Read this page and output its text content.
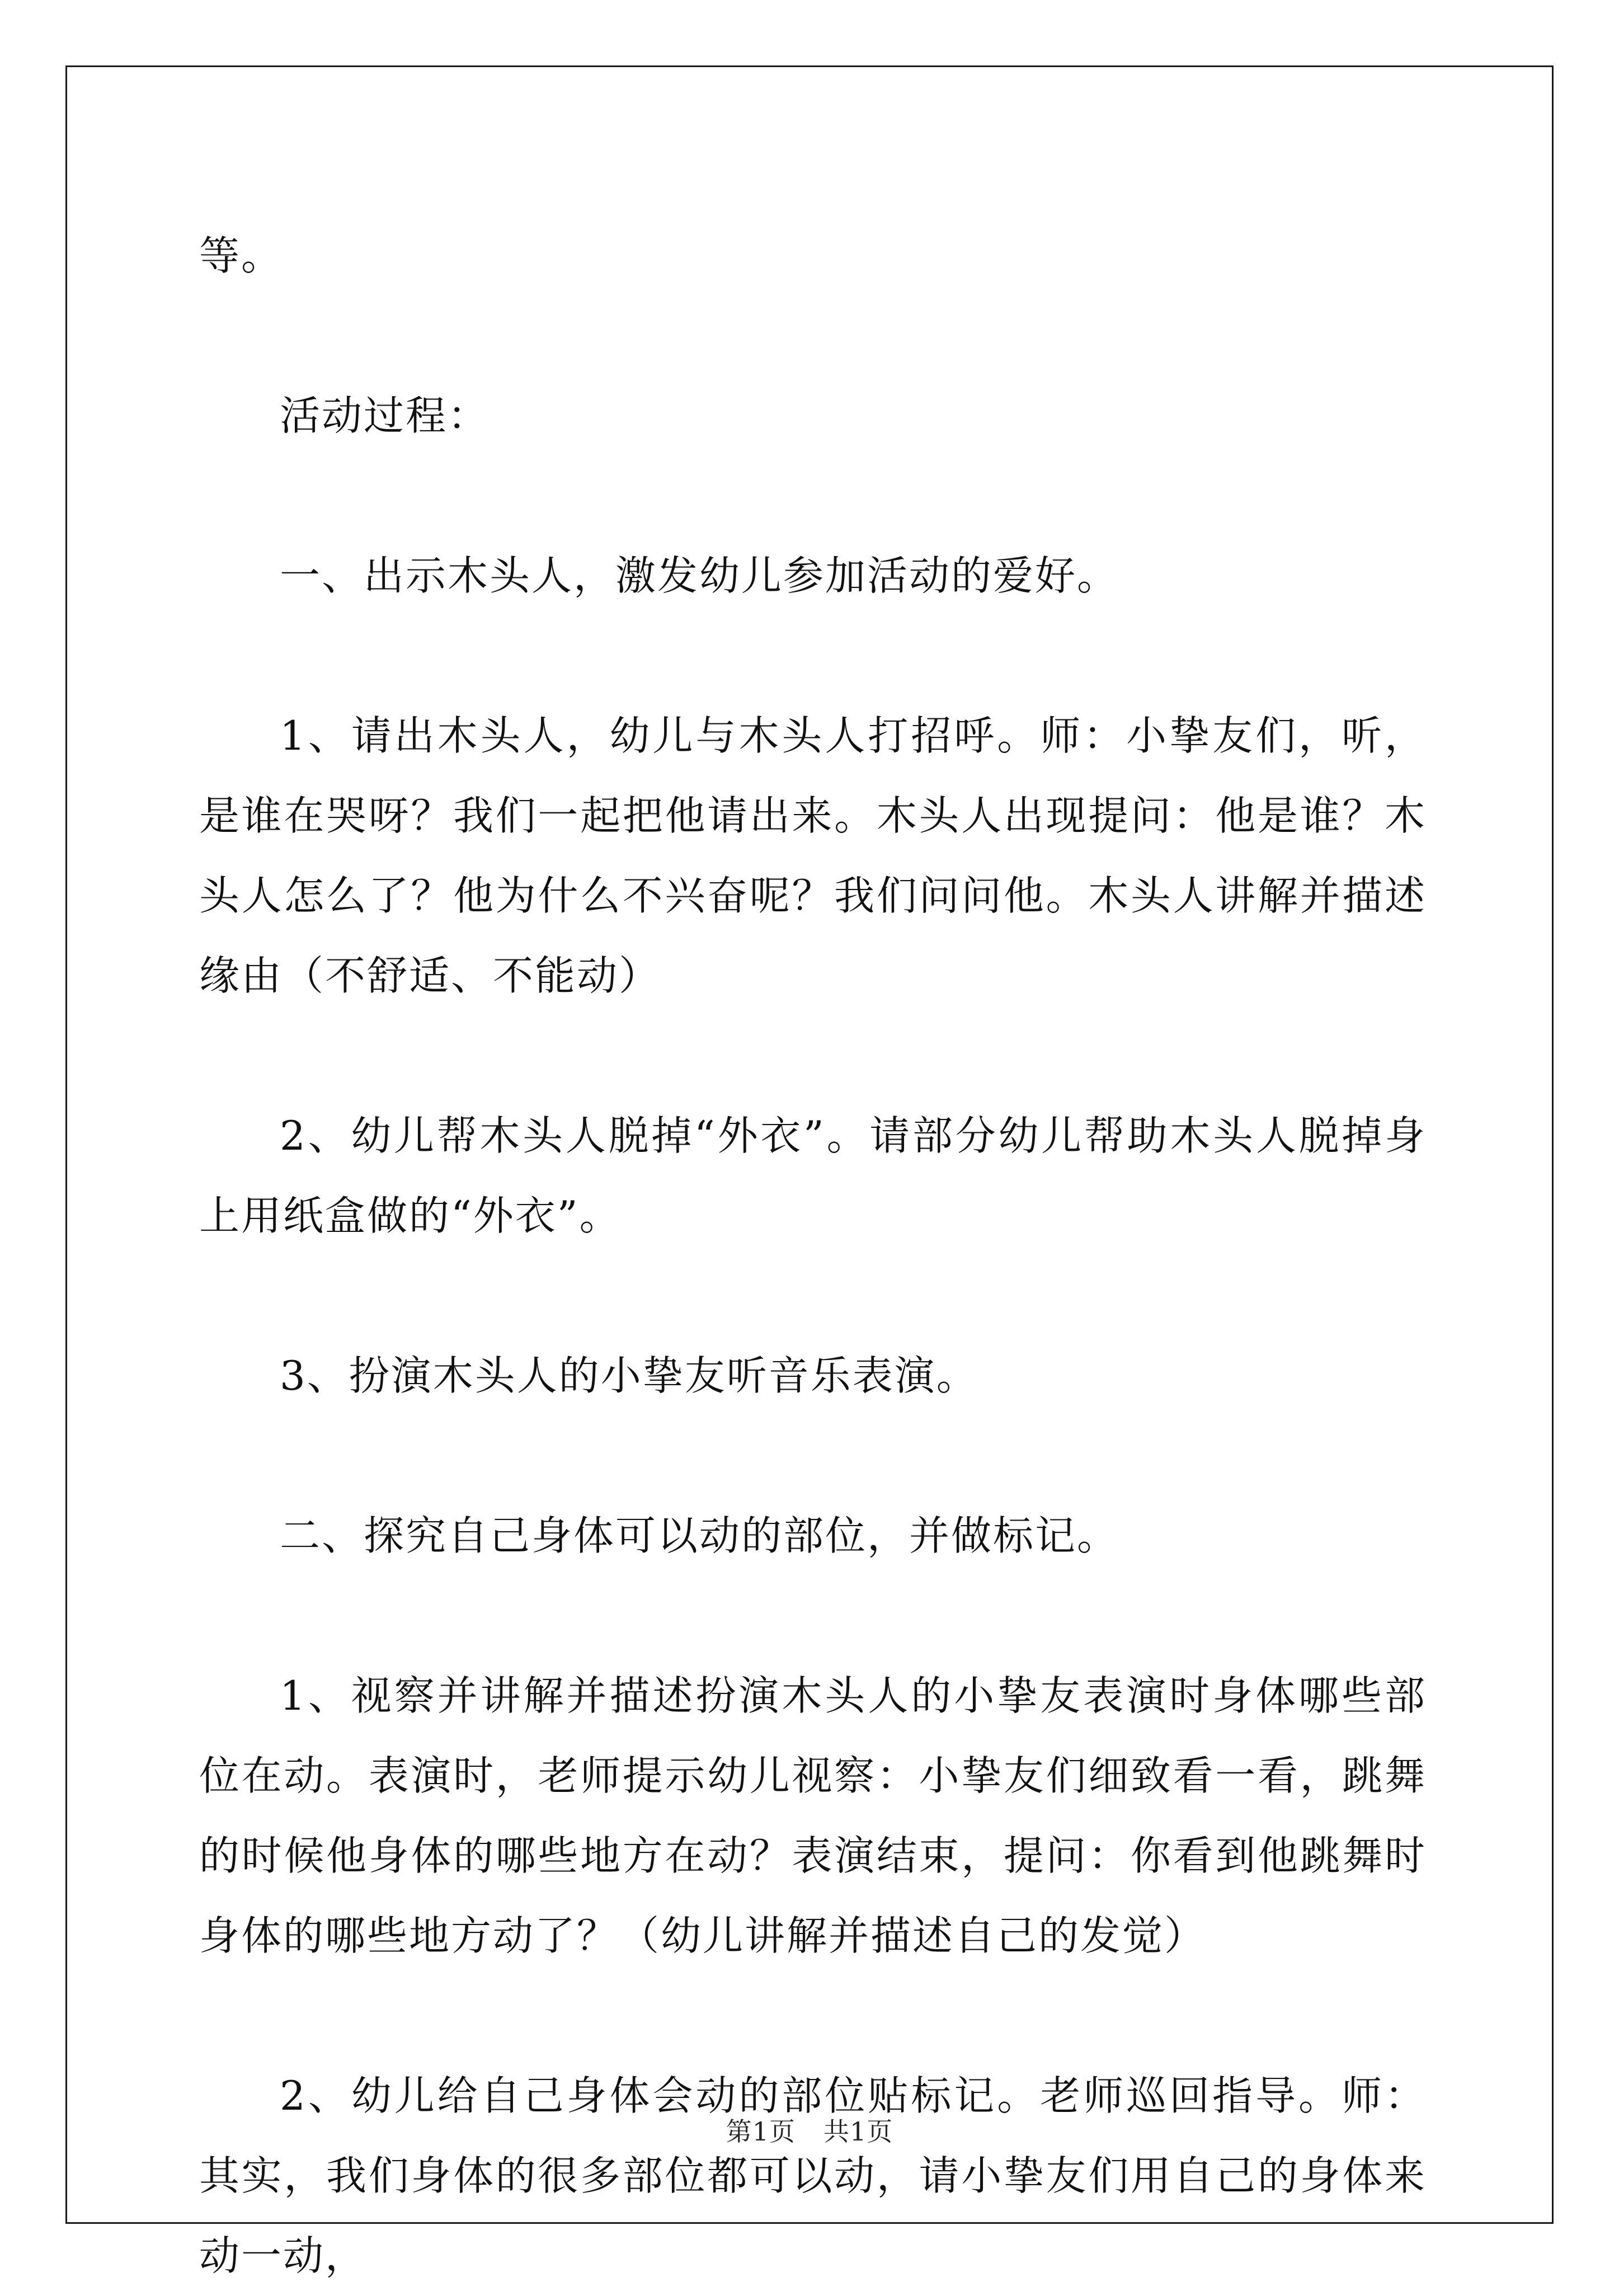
等。

活动过程：

一、出示木头人，激发幼儿参加活动的爱好。

1、请出木头人，幼儿与木头人打招呼。师：小挚友们，听，是谁在哭呀？我们一起把他请出来。木头人出现提问：他是谁？木头人怎么了？他为什么不兴奋呢？我们问问他。木头人讲解并描述缘由（不舒适、不能动）

2、幼儿帮木头人脱掉“外衣”。请部分幼儿帮助木头人脱掉身上用纸盒做的“外衣”。

3、扮演木头人的小挚友听音乐表演。

二、探究自己身体可以动的部位，并做标记。

1、视察并讲解并描述扮演木头人的小挚友表演时身体哪些部位在动。表演时，老师提示幼儿视察：小挚友们细致看一看，跳舞的时候他身体的哪些地方在动？表演结束，提问：你看到他跳舞时身体的哪些地方动了？（幼儿讲解并描述自己的发觉）

2、幼儿给自己身体会动的部位贴标记。老师巡回指导。师：其实，我们身体的很多部位都可以动，请小挚友们用自己的身体来动一动，

第1页 共1页
